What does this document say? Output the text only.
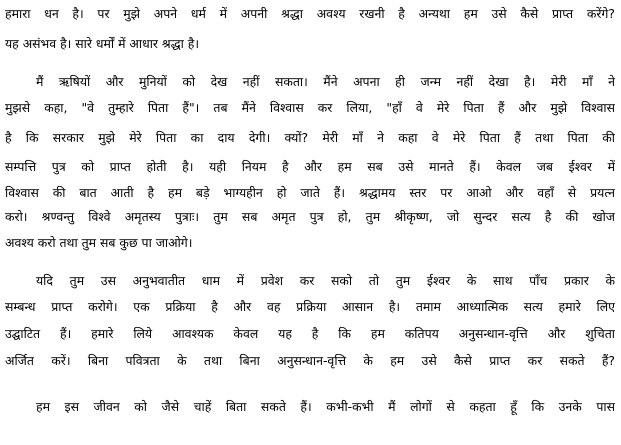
हमारा धन है। पर मुझे अपने धर्म में अपनी श्रद्धा अवश्य रखनी है अन्यथा हम उसे कैसे प्राप्त करेंगे?
यह असंभव है। सारे धर्मों में आधार श्रद्धा है।
मैं ऋषियों और मुनियों को देख नहीं सकता। मैंने अपना ही जन्म नहीं देखा है। मेरी माँ ने
मुझसे कहा, "वे तुम्हारे पिता हैं"। तब मैंने विश्वास कर लिया, "हाँ वे मेरे पिता हैं और मुझे विश्वास
है कि सरकार मुझे मेरे पिता का दाय देगी। क्यों? मेरी माँ ने कहा वे मेरे पिता हैं तथा पिता की
सम्पत्ति पुत्र को प्राप्त होती है। यही नियम है और हम सब उसे मानते हैं। केवल जब ईश्वर में
विश्वास की बात आती है हम बड़े भाग्यहीन हो जाते हैं। श्रद्धामय स्तर पर आओ और वहाँ से प्रयत्न
करो। श्रण्वन्तु विश्वे अमृतस्य पुत्राः। तुम सब अमृत पुत्र हो, तुम श्रीकृष्ण, जो सुन्दर सत्य है की खोज
अवश्य करो तथा तुम सब कुछ पा जाओगे।
यदि तुम उस अनुभवातीत धाम में प्रवेश कर सको तो तुम ईश्वर के साथ पाँच प्रकार के
सम्बन्ध प्राप्त करोगे। एक प्रक्रिया है और वह प्रक्रिया आसान है। तमाम आध्यात्मिक सत्य हमारे लिए
उद्घाटित हैं। हमारे लिये आवश्यक केवल यह है कि हम कतिपय अनुसन्धान-वृत्ति और शुचिता
अर्जित करें। बिना पवित्रता के तथा बिना अनुसन्धान-वृत्ति के हम उसे कैसे प्राप्त कर सकते हैं?
हम इस जीवन को जैसे चाहें बिता सकते हैं। कभी-कभी मैं लोगों से कहता हूँ कि उनके पास
